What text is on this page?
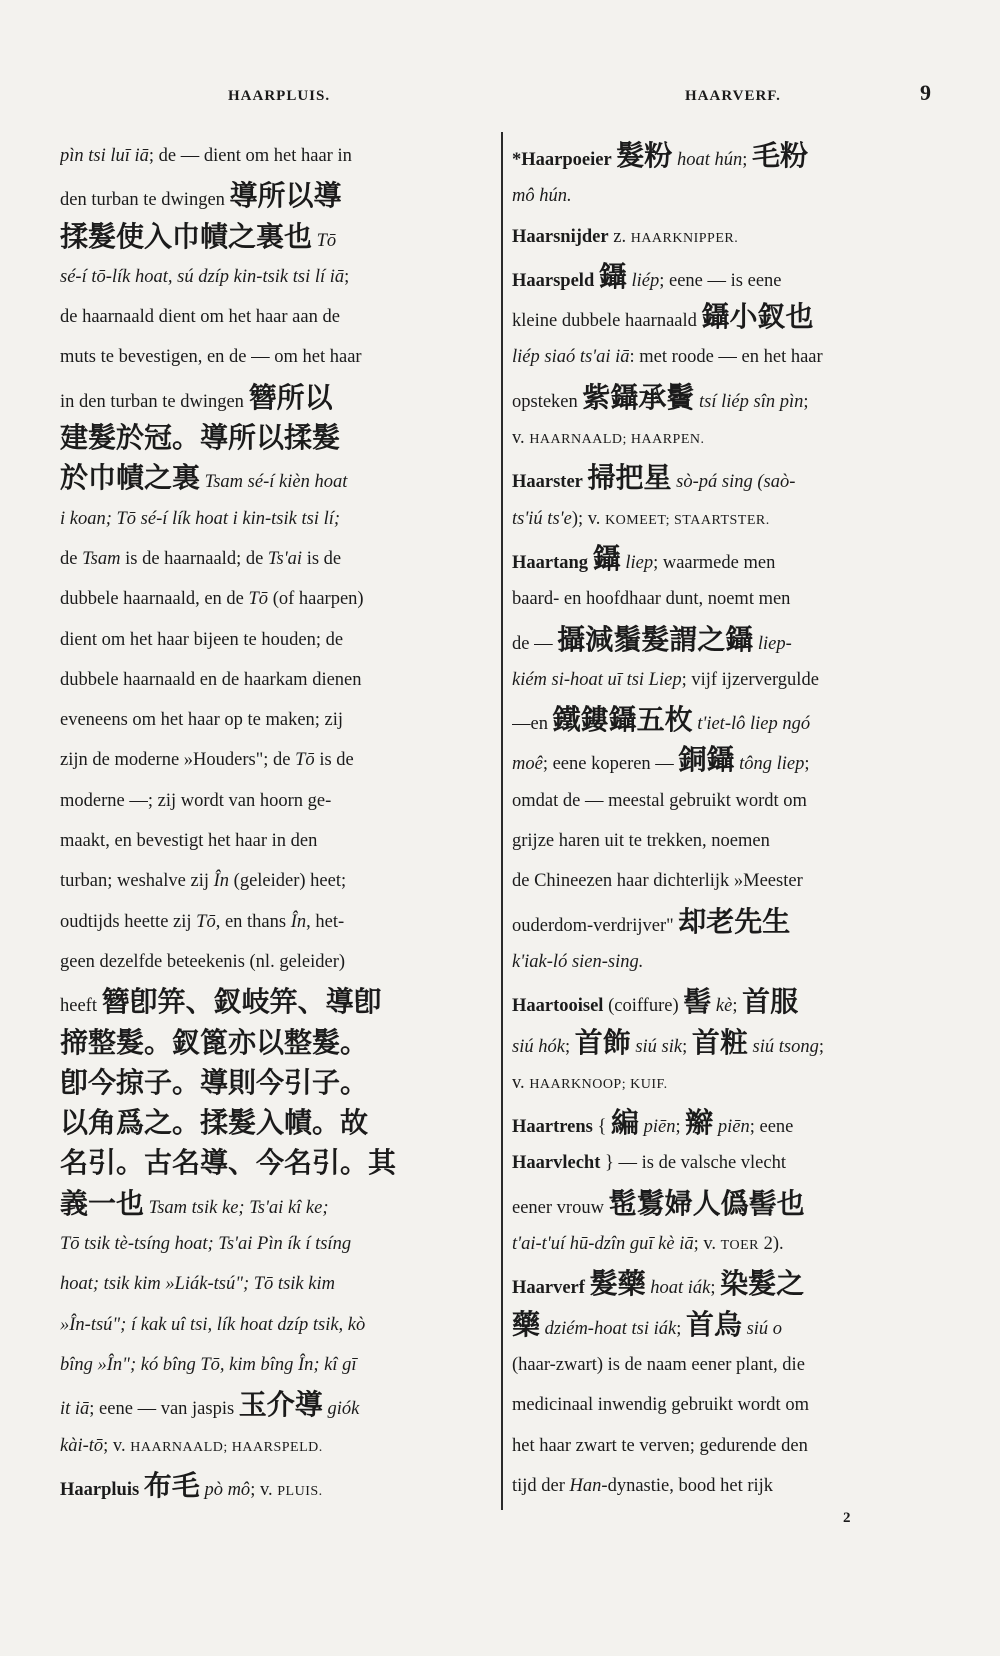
HAARPLUIS.	HAARVERF.	9
pìn tsi luī iā; de — dient om het haar in
den turban te dwingen 導所以導
揉髮使入巾幘之裏也 Tō
sé-í tō-lík hoat, sú dzíp kin-tsik tsi lí iā;
de haarnaald dient om het haar aan de
muts te bevestigen, en de — om het haar
in den turban te dwingen 簪所以
建髮於冠。導所以揉髮
於巾幘之裏 Tsam sé-í kièn hoat
i koan; Tō sé-í lík hoat i kin-tsik tsi lí;
de Tsam is de haarnaald; de Ts'ai is de
dubbele haarnaald, en de Tō (of haarpen)
dient om het haar bijeen te houden; de
dubbele haarnaald en de haarkam dienen
eveneens om het haar op te maken; zij
zijn de moderne »Houders"; de Tō is de
moderne —; zij wordt van hoorn ge-
maakt, en bevestigt het haar in den
turban; weshalve zij În (geleider) heet;
oudtijds heette zij Tō, en thans În, het-
geen dezelfde beteekenis (nl. geleider)
heeft 簪卽笄、釵岐笄、導卽
揥整髮。釵篦亦以整髮。
卽今掠子。導則今引子。
以角爲之。揉髮入幘。故
名引。古名導、今名引。其
義一也 Tsam tsik ke; Ts'ai kî ke;
Tō tsik tè-tsíng hoat; Ts'ai Pìn ík í tsíng
hoat; tsik kim »Liák-tsú"; Tō tsik kim
»În-tsú"; í kak uî tsi, lík hoat dzíp tsik, kò
bîng »În"; kó bîng Tō, kim bîng În; kî gī
it iā; eene — van jaspis 玉介導 giók
kài-tō; v. HAARNAALD; HAARSPELD.
Haarpluis 布毛 pò mô; v. PLUIS.
*Haarpoeier 髮粉 hoat hún; 毛粉
mô hún.
Haarsnijder z. HAARKNIPPER.
Haarspeld 鑷 liép; eene — is eene
kleine dubbele haarnaald 鑷小釵也
liép siaó ts'ai iā: met roode — en het haar
opsteken 紫鑷承鬢 tsí liép sîn pìn;
v. HAARNAALD; HAARPEN.
Haarster 掃把星 sò-pá sing (saò-
ts'iú ts'e); v. KOMEET; STAARTSTER.
Haartang 鑷 liep; waarmede men
baard- en hoofdhaar dunt, noemt men
de — 攝減鬚髮謂之鑷 liep-
kiém si-hoat uī tsi Liep; vijf ijzervergulde
—en 鐵鏤鑷五枚 t'iet-lô liep ngó
moê; eene koperen — 銅鑷 tông liep;
omdat de — meestal gebruikt wordt om
grijze haren uit te trekken, noemen
de Chineezen haar dichterlijk »Meester
ouderdom-verdrijver" 却老先生
k'iak-ló sien-sing.
Haartooisel (coiffure) 髻 kè; 首服
siú hók; 首飾 siú sik; 首粧 siú tsong;
v. HAARKNOOP; KUIF.
Haartrens { 編 piēn; 辮 piēn; eene
Haarvlecht } — is de valsche vlecht
eener vrouw 髢鬄婦人僞髻也
t'ai-t'uí hū-dzîn guī kè iā; v. TOER 2).
Haarverf 髮藥 hoat iák; 染髮之
藥 dziém-hoat tsi iák; 首烏 siú o
(haar-zwart) is de naam eener plant, die
medicinaal inwendig gebruikt wordt om
het haar zwart te verven; gedurende den
tijd der Han-dynastie, bood het rijk
2
